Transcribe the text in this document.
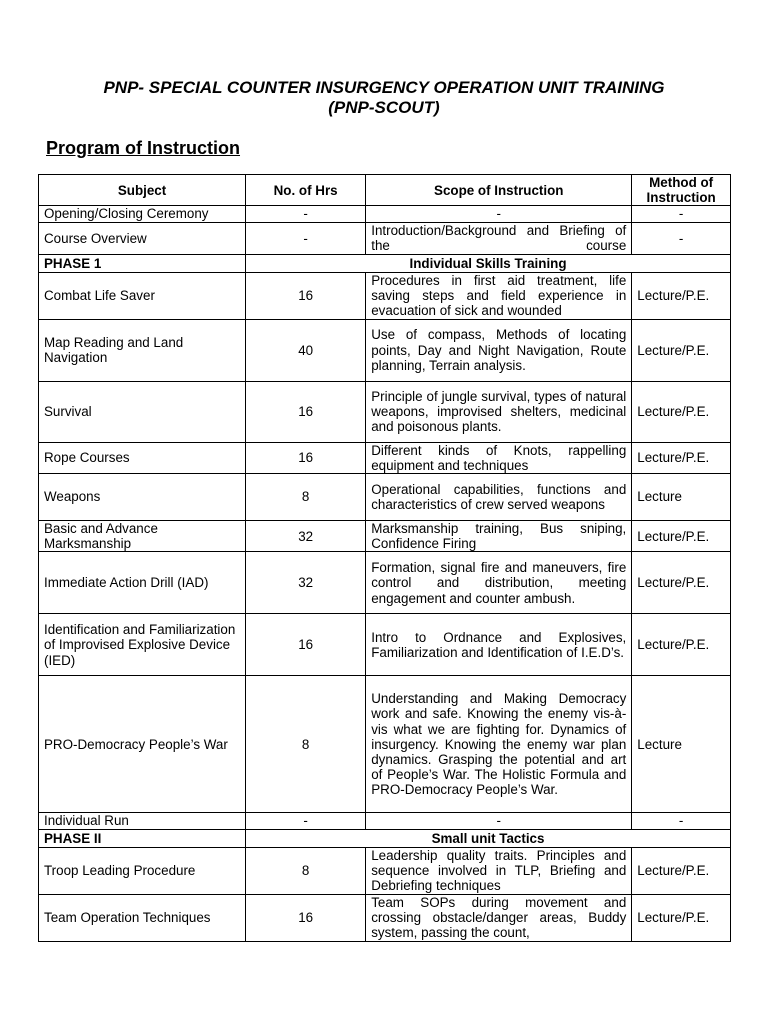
PNP- SPECIAL COUNTER INSURGENCY OPERATION UNIT TRAINING
(PNP-SCOUT)
Program of Instruction
Subject	No. of Hrs	Scope of Instruction	Method of Instruction
Opening/Closing Ceremony	-	-	-
Course Overview	-	Introduction/Background and Briefing of the course	-
PHASE 1	Individual Skills Training		
Combat Life Saver	16	Procedures in first aid treatment, life saving steps and field experience in evacuation of sick and wounded	Lecture/P.E.
Map Reading and Land Navigation	40	Use of compass, Methods of locating points, Day and Night Navigation, Route planning, Terrain analysis.	Lecture/P.E.
Survival	16	Principle of jungle survival, types of natural weapons, improvised shelters, medicinal and poisonous plants.	Lecture/P.E.
Rope Courses	16	Different kinds of Knots, rappelling equipment and techniques	Lecture/P.E.
Weapons	8	Operational capabilities, functions and characteristics of crew served weapons	Lecture
Basic and Advance Marksmanship	32	Marksmanship training, Bus sniping, Confidence Firing	Lecture/P.E.
Immediate Action Drill (IAD)	32	Formation, signal fire and maneuvers, fire control and distribution, meeting engagement and counter ambush.	Lecture/P.E.
Identification and Familiarization of Improvised Explosive Device (IED)	16	Intro to Ordnance and Explosives, Familiarization and Identification of I.E.D’s.	Lecture/P.E.
PRO-Democracy People’s War	8	Understanding and Making Democracy work and safe. Knowing the enemy vis-à-vis what we are fighting for. Dynamics of insurgency. Knowing the enemy war plan dynamics. Grasping the potential and art of People’s War. The Holistic Formula and PRO-Democracy People’s War.	Lecture
Individual Run	-	-	-
PHASE II	Small unit Tactics		
Troop Leading Procedure	8	Leadership quality traits. Principles and sequence involved in TLP, Briefing and Debriefing techniques	Lecture/P.E.
Team Operation Techniques	16	Team SOPs during movement and crossing obstacle/danger areas, Buddy system, passing the count,	Lecture/P.E.
